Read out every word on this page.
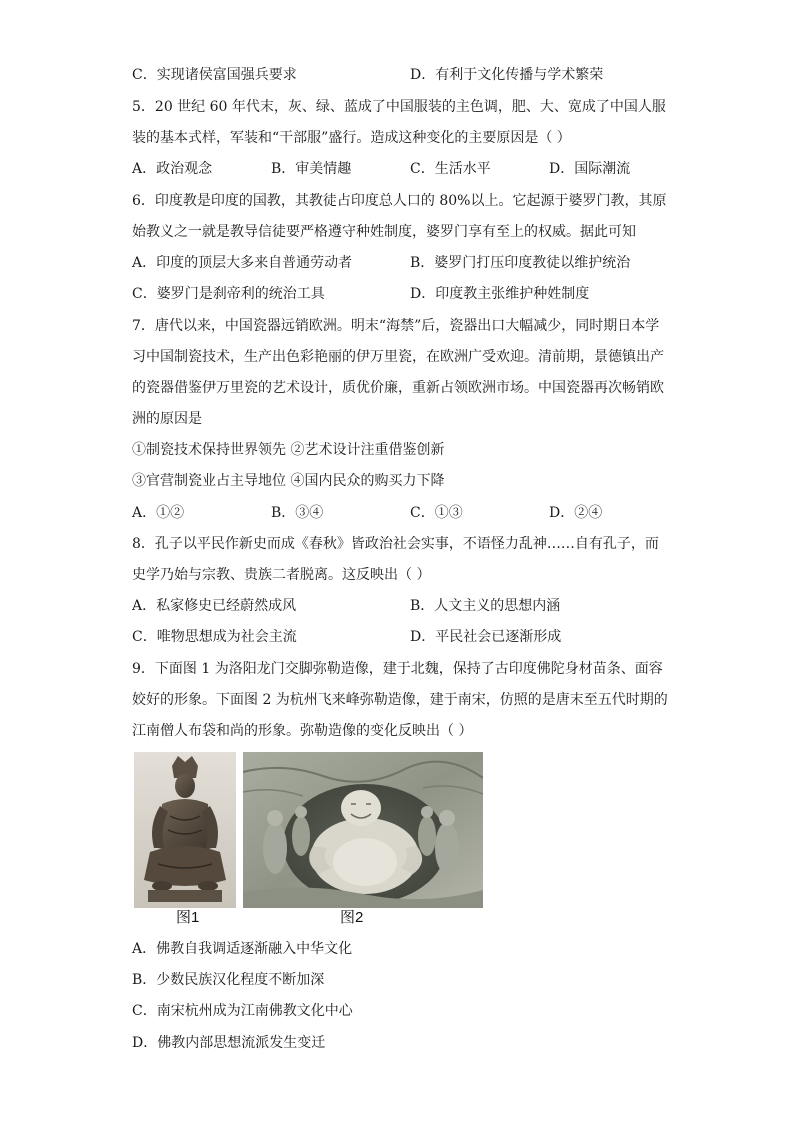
C．实现诸侯富国强兵要求	D．有利于文化传播与学术繁荣
5．20 世纪 60 年代末，灰、绿、蓝成了中国服装的主色调，肥、大、宽成了中国人服
装的基本式样，军装和“干部服”盛行。造成这种变化的主要原因是（ ）
A．政治观念	B．审美情趣	C．生活水平	D．国际潮流
6．印度教是印度的国教，其教徒占印度总人口的 80%以上。它起源于婆罗门教，其原
始教义之一就是教导信徒要严格遵守种姓制度，婆罗门享有至上的权威。据此可知
A．印度的顶层大多来自普通劳动者	B．婆罗门打压印度教徒以维护统治
C．婆罗门是刹帝利的统治工具	D．印度教主张维护种姓制度
7．唐代以来，中国瓷器远销欧洲。明末“海禁”后，瓷器出口大幅减少，同时期日本学
习中国制瓷技术，生产出色彩艳丽的伊万里瓷，在欧洲广受欢迎。清前期，景德镇出产
的瓷器借鉴伊万里瓷的艺术设计，质优价廉，重新占领欧洲市场。中国瓷器再次畅销欧
洲的原因是
①制瓷技术保持世界领先 ②艺术设计注重借鉴创新
③官营制瓷业占主导地位 ④国内民众的购买力下降
A．①②	B．③④	C．①③	D．②④
8．孔子以平民作新史而成《春秋》皆政治社会实事，不语怪力乱神……自有孔子，而
史学乃始与宗教、贵族二者脱离。这反映出（ ）
A．私家修史已经蔚然成风	B．人文主义的思想内涵
C．唯物思想成为社会主流	D．平民社会已逐渐形成
9．下面图 1 为洛阳龙门交脚弥勒造像，建于北魏，保持了古印度佛陀身材苗条、面容
姣好的形象。下面图 2 为杭州飞来峰弥勒造像，建于南宋，仿照的是唐末至五代时期的
江南僧人布袋和尚的形象。弥勒造像的变化反映出（ ）
图1	图2
A．佛教自我调适逐渐融入中华文化
B．少数民族汉化程度不断加深
C．南宋杭州成为江南佛教文化中心
D．佛教内部思想流派发生变迁
